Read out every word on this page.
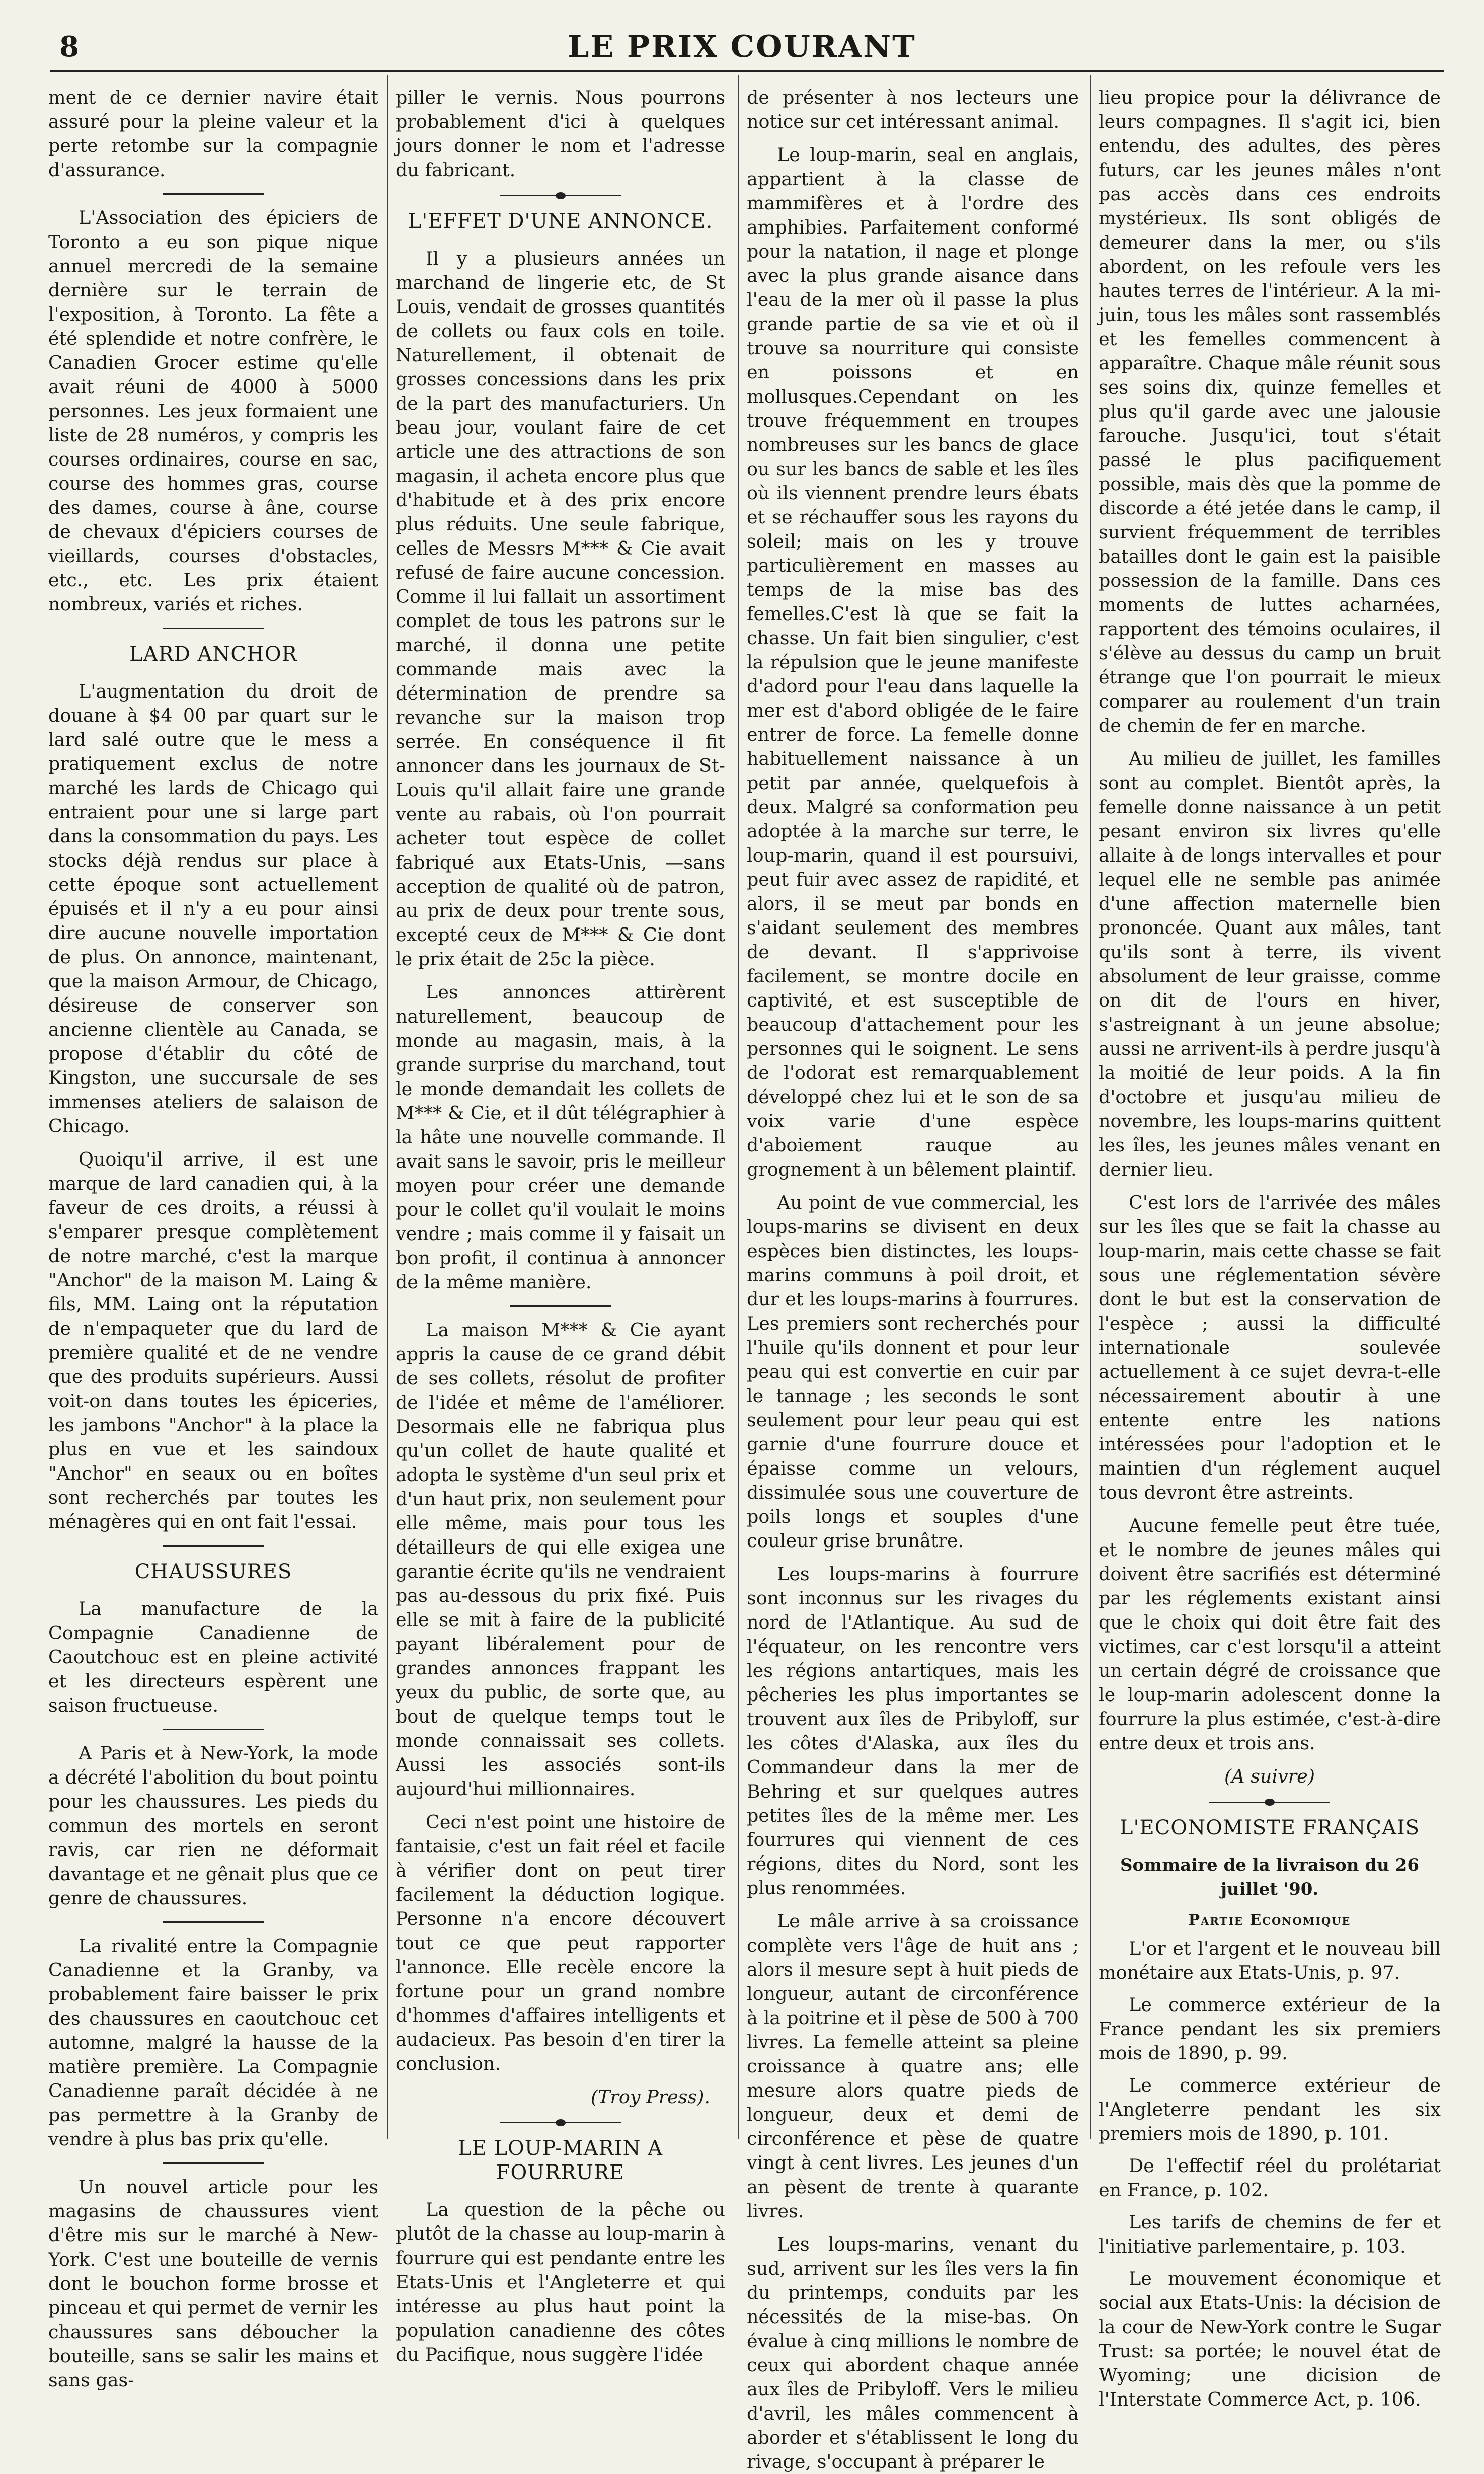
8	LE PRIX COURANT

ment de ce dernier navire était assuré pour la pleine valeur et la perte retombe sur la compagnie d'assurance.

L'Association des épiciers de Toronto a eu son pique nique annuel mercredi de la semaine dernière sur le terrain de l'exposition, à Toronto. La fête a été splendide et notre confrère, le Canadien Grocer estime qu'elle avait réuni de 4000 à 5000 personnes. Les jeux formaient une liste de 28 numéros, y compris les courses ordinaires, course en sac, course des hommes gras, course des dames, course à âne, course de chevaux d'épiciers courses de vieillards, courses d'obstacles, etc., etc. Les prix étaient nombreux, variés et riches.

LARD ANCHOR

L'augmentation du droit de douane à $4 00 par quart sur le lard salé outre que le mess a pratiquement exclus de notre marché les lards de Chicago qui entraient pour une si large part dans la consommation du pays. Les stocks déjà rendus sur place à cette époque sont actuellement épuisés et il n'y a eu pour ainsi dire aucune nouvelle importation de plus. On annonce, maintenant, que la maison Armour, de Chicago, désireuse de conserver son ancienne clientèle au Canada, se propose d'établir du côté de Kingston, une succursale de ses immenses ateliers de salaison de Chicago.

Quoiqu'il arrive, il est une marque de lard canadien qui, à la faveur de ces droits, a réussi à s'emparer presque complètement de notre marché, c'est la marque "Anchor" de la maison M. Laing & fils, MM. Laing ont la réputation de n'empaqueter que du lard de première qualité et de ne vendre que des produits supérieurs. Aussi voit-on dans toutes les épiceries, les jambons "Anchor" à la place la plus en vue et les saindoux "Anchor" en seaux ou en boîtes sont recherchés par toutes les ménagères qui en ont fait l'essai.

CHAUSSURES

La manufacture de la Compagnie Canadienne de Caoutchouc est en pleine activité et les directeurs espèrent une saison fructueuse.

A Paris et à New-York, la mode a décrété l'abolition du bout pointu pour les chaussures. Les pieds du commun des mortels en seront ravis, car rien ne déformait davantage et ne gênait plus que ce genre de chaussures.

La rivalité entre la Compagnie Canadienne et la Granby, va probablement faire baisser le prix des chaussures en caoutchouc cet automne, malgré la hausse de la matière première. La Compagnie Canadienne paraît décidée à ne pas permettre à la Granby de vendre à plus bas prix qu'elle.

Un nouvel article pour les magasins de chaussures vient d'être mis sur le marché à New-York. C'est une bouteille de vernis dont le bouchon forme brosse et pinceau et qui permet de vernir les chaussures sans déboucher la bouteille, sans se salir les mains et sans gas-

piller le vernis. Nous pourrons probablement d'ici à quelques jours donner le nom et l'adresse du fabricant.

L'EFFET D'UNE ANNONCE.

Il y a plusieurs années un marchand de lingerie etc, de St Louis, vendait de grosses quantités de collets ou faux cols en toile. Naturellement, il obtenait de grosses concessions dans les prix de la part des manufacturiers. Un beau jour, voulant faire de cet article une des attractions de son magasin, il acheta encore plus que d'habitude et à des prix encore plus réduits. Une seule fabrique, celles de Messrs M*** & Cie avait refusé de faire aucune concession. Comme il lui fallait un assortiment complet de tous les patrons sur le marché, il donna une petite commande mais avec la détermination de prendre sa revanche sur la maison trop serrée. En conséquence il fit annoncer dans les journaux de St-Louis qu'il allait faire une grande vente au rabais, où l'on pourrait acheter tout espèce de collet fabriqué aux Etats-Unis, —sans acception de qualité où de patron, au prix de deux pour trente sous, excepté ceux de M*** & Cie dont le prix était de 25c la pièce.

Les annonces attirèrent naturellement, beaucoup de monde au magasin, mais, à la grande surprise du marchand, tout le monde demandait les collets de M*** & Cie, et il dût télégraphier à la hâte une nouvelle commande. Il avait sans le savoir, pris le meilleur moyen pour créer une demande pour le collet qu'il voulait le moins vendre ; mais comme il y faisait un bon profit, il continua à annoncer de la même manière.

La maison M*** & Cie ayant appris la cause de ce grand débit de ses collets, résolut de profiter de l'idée et même de l'améliorer. Desormais elle ne fabriqua plus qu'un collet de haute qualité et adopta le système d'un seul prix et d'un haut prix, non seulement pour elle même, mais pour tous les détailleurs de qui elle exigea une garantie écrite qu'ils ne vendraient pas au-dessous du prix fixé. Puis elle se mit à faire de la publicité payant libéralement pour de grandes annonces frappant les yeux du public, de sorte que, au bout de quelque temps tout le monde connaissait ses collets. Aussi les associés sont-ils aujourd'hui millionnaires.

Ceci n'est point une histoire de fantaisie, c'est un fait réel et facile à vérifier dont on peut tirer facilement la déduction logique. Personne n'a encore découvert tout ce que peut rapporter l'annonce. Elle recèle encore la fortune pour un grand nombre d'hommes d'affaires intelligents et audacieux. Pas besoin d'en tirer la conclusion.

(Troy Press).
LE LOUP-MARIN A FOURRURE

La question de la pêche ou plutôt de la chasse au loup-marin à fourrure qui est pendante entre les Etats-Unis et l'Angleterre et qui intéresse au plus haut point la population canadienne des côtes du Pacifique, nous suggère l'idée

de présenter à nos lecteurs une notice sur cet intéressant animal.

Le loup-marin, seal en anglais, appartient à la classe de mammifères et à l'ordre des amphibies. Parfaitement conformé pour la natation, il nage et plonge avec la plus grande aisance dans l'eau de la mer où il passe la plus grande partie de sa vie et où il trouve sa nourriture qui consiste en poissons et en mollusques.Cependant on les trouve fréquemment en troupes nombreuses sur les bancs de glace ou sur les bancs de sable et les îles où ils viennent prendre leurs ébats et se réchauffer sous les rayons du soleil; mais on les y trouve particulièrement en masses au temps de la mise bas des femelles.C'est là que se fait la chasse. Un fait bien singulier, c'est la répulsion que le jeune manifeste d'adord pour l'eau dans laquelle la mer est d'abord obligée de le faire entrer de force. La femelle donne habituellement naissance à un petit par année, quelquefois à deux. Malgré sa conformation peu adoptée à la marche sur terre, le loup-marin, quand il est poursuivi, peut fuir avec assez de rapidité, et alors, il se meut par bonds en s'aidant seulement des membres de devant. Il s'apprivoise facilement, se montre docile en captivité, et est susceptible de beaucoup d'attachement pour les personnes qui le soignent. Le sens de l'odorat est remarquablement développé chez lui et le son de sa voix varie d'une espèce d'aboiement rauque au grognement à un bêlement plaintif.

Au point de vue commercial, les loups-marins se divisent en deux espèces bien distinctes, les loups-marins communs à poil droit, et dur et les loups-marins à fourrures. Les premiers sont recherchés pour l'huile qu'ils donnent et pour leur peau qui est convertie en cuir par le tannage ; les seconds le sont seulement pour leur peau qui est garnie d'une fourrure douce et épaisse comme un velours, dissimulée sous une couverture de poils longs et souples d'une couleur grise brunâtre.

Les loups-marins à fourrure sont inconnus sur les rivages du nord de l'Atlantique. Au sud de l'équateur, on les rencontre vers les régions antartiques, mais les pêcheries les plus importantes se trouvent aux îles de Pribyloff, sur les côtes d'Alaska, aux îles du Commandeur dans la mer de Behring et sur quelques autres petites îles de la même mer. Les fourrures qui viennent de ces régions, dites du Nord, sont les plus renommées.

Le mâle arrive à sa croissance complète vers l'âge de huit ans ; alors il mesure sept à huit pieds de longueur, autant de circonférence à la poitrine et il pèse de 500 à 700 livres. La femelle atteint sa pleine croissance à quatre ans; elle mesure alors quatre pieds de longueur, deux et demi de circonférence et pèse de quatre vingt à cent livres. Les jeunes d'un an pèsent de trente à quarante livres.

Les loups-marins, venant du sud, arrivent sur les îles vers la fin du printemps, conduits par les nécessités de la mise-bas. On évalue à cinq millions le nombre de ceux qui abordent chaque année aux îles de Pribyloff. Vers le milieu d'avril, les mâles commencent à aborder et s'établissent le long du rivage, s'occupant à préparer le

lieu propice pour la délivrance de leurs compagnes. Il s'agit ici, bien entendu, des adultes, des pères futurs, car les jeunes mâles n'ont pas accès dans ces endroits mystérieux. Ils sont obligés de demeurer dans la mer, ou s'ils abordent, on les refoule vers les hautes terres de l'intérieur. A la mi-juin, tous les mâles sont rassemblés et les femelles commencent à apparaître. Chaque mâle réunit sous ses soins dix, quinze femelles et plus qu'il garde avec une jalousie farouche. Jusqu'ici, tout s'était passé le plus pacifiquement possible, mais dès que la pomme de discorde a été jetée dans le camp, il survient fréquemment de terribles batailles dont le gain est la paisible possession de la famille. Dans ces moments de luttes acharnées, rapportent des témoins oculaires, il s'élève au dessus du camp un bruit étrange que l'on pourrait le mieux comparer au roulement d'un train de chemin de fer en marche.

Au milieu de juillet, les familles sont au complet. Bientôt après, la femelle donne naissance à un petit pesant environ six livres qu'elle allaite à de longs intervalles et pour lequel elle ne semble pas animée d'une affection maternelle bien prononcée. Quant aux mâles, tant qu'ils sont à terre, ils vivent absolument de leur graisse, comme on dit de l'ours en hiver, s'astreignant à un jeune absolue; aussi ne arrivent-ils à perdre jusqu'à la moitié de leur poids. A la fin d'octobre et jusqu'au milieu de novembre, les loups-marins quittent les îles, les jeunes mâles venant en dernier lieu.

C'est lors de l'arrivée des mâles sur les îles que se fait la chasse au loup-marin, mais cette chasse se fait sous une réglementation sévère dont le but est la conservation de l'espèce ; aussi la difficulté internationale soulevée actuellement à ce sujet devra-t-elle nécessairement aboutir à une entente entre les nations intéressées pour l'adoption et le maintien d'un réglement auquel tous devront être astreints.

Aucune femelle peut être tuée, et le nombre de jeunes mâles qui doivent être sacrifiés est déterminé par les réglements existant ainsi que le choix qui doit être fait des victimes, car c'est lorsqu'il a atteint un certain dégré de croissance que le loup-marin adolescent donne la fourrure la plus estimée, c'est-à-dire entre deux et trois ans.

(A suivre)
L'ECONOMISTE FRANÇAIS
Sommaire de la livraison du 26 juillet '90.
Partie Economique

L'or et l'argent et le nouveau bill monétaire aux Etats-Unis, p. 97.

Le commerce extérieur de la France pendant les six premiers mois de 1890, p. 99.

Le commerce extérieur de l'Angleterre pendant les six premiers mois de 1890, p. 101.

De l'effectif réel du prolétariat en France, p. 102.

Les tarifs de chemins de fer et l'initiative parlementaire, p. 103.

Le mouvement économique et social aux Etats-Unis: la décision de la cour de New-York contre le Sugar Trust: sa portée; le nouvel état de Wyoming; une dicision de l'Interstate Commerce Act, p. 106.
